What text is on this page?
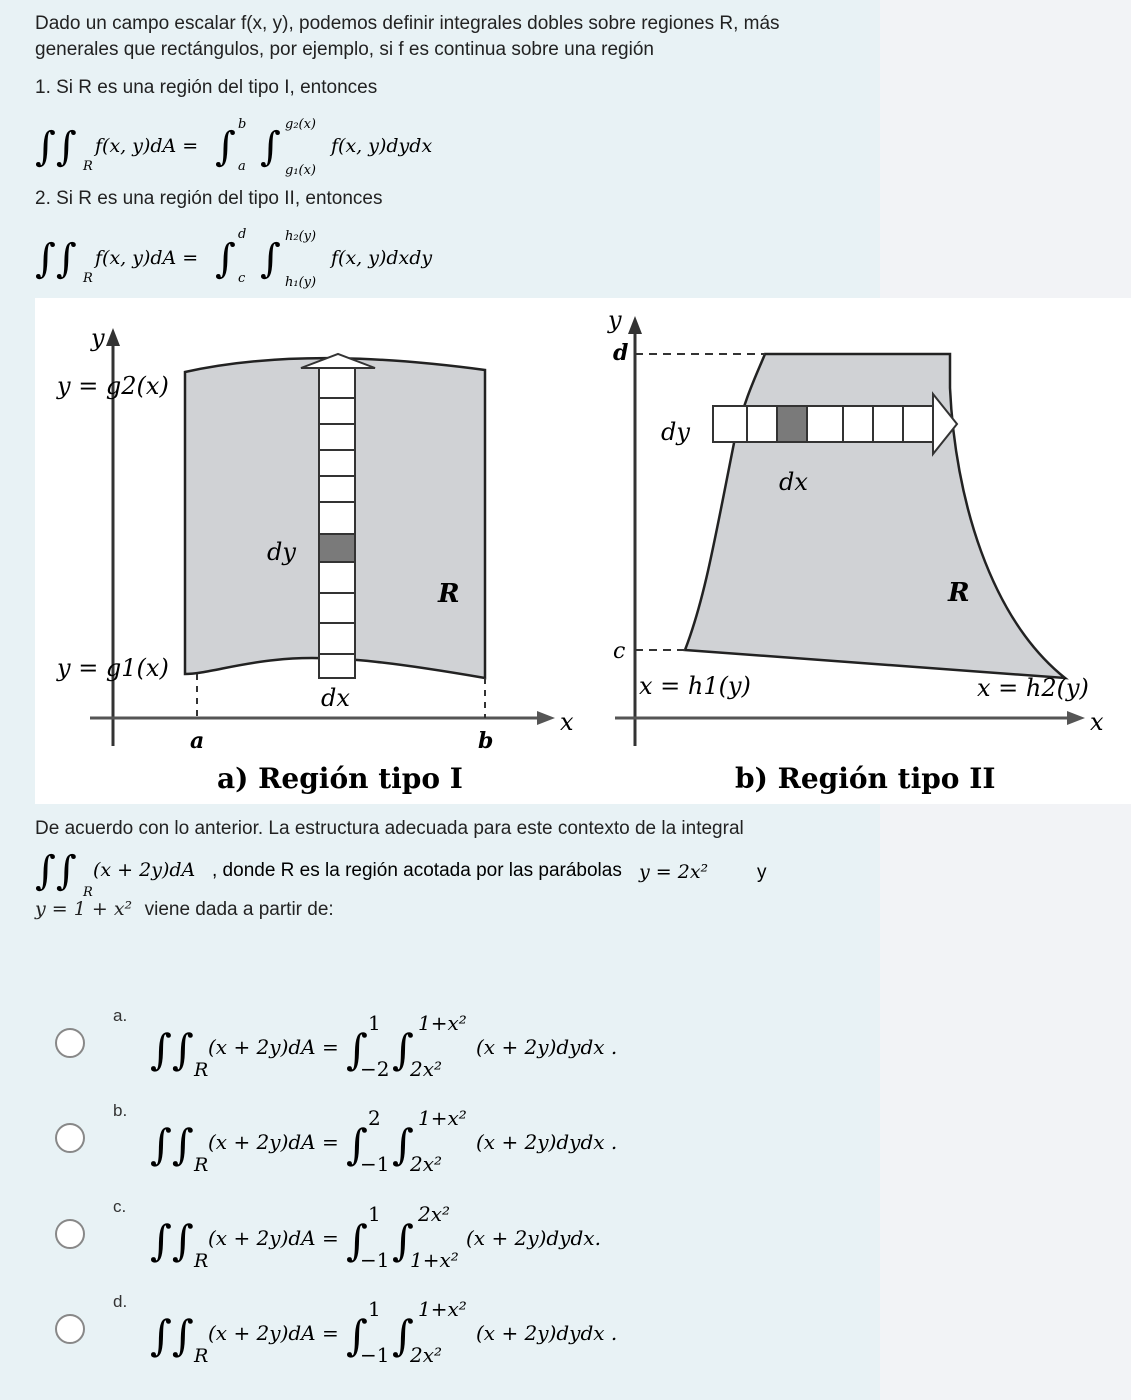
Dado un campo escalar f(x, y), podemos definir integrales dobles sobre regiones R, más
generales que rectángulos, por ejemplo, si f es continua sobre una región
1. Si R es una región del tipo I, entonces
∫∫ R
f(x, y)dA = ∫ b
a ∫ g₂(x)
g₁(x)
f(x, y)dydx
2. Si R es una región del tipo II, entonces
∫∫ R
f(x, y)dA = ∫
d
c ∫ h₂(y)
h₁(y)
f(x, y)dxdy
y
x
y = g2(x)
y = g1(x)
dy
dx
R
a	b
a) Región tipo I
y
x
d
c
dy
dx
R
x = h1(y)	x = h2(y)
b) Región tipo II
De acuerdo con lo anterior. La estructura adecuada para este contexto de la integral
∫∫ R
(x + 2y)dA , donde R es la región acotada por las parábolas y = 2x²	y
y = 1 + x² viene dada a partir de:
a.
∫∫ R
(x + 2y)dA = ∫
1
−2 ∫
1+x²
2x²
(x + 2y)dydx .
b.
∫∫ R
(x + 2y)dA = ∫
2
−1 ∫
1+x²
2x²
(x + 2y)dydx .
c.
∫∫ R
(x + 2y)dA = ∫
1
−1 ∫
2x²
1+x²
(x + 2y)dydx.
d.
∫∫ R
(x + 2y)dA = ∫
1
−1 ∫
1+x²
2x²
(x + 2y)dydx .
